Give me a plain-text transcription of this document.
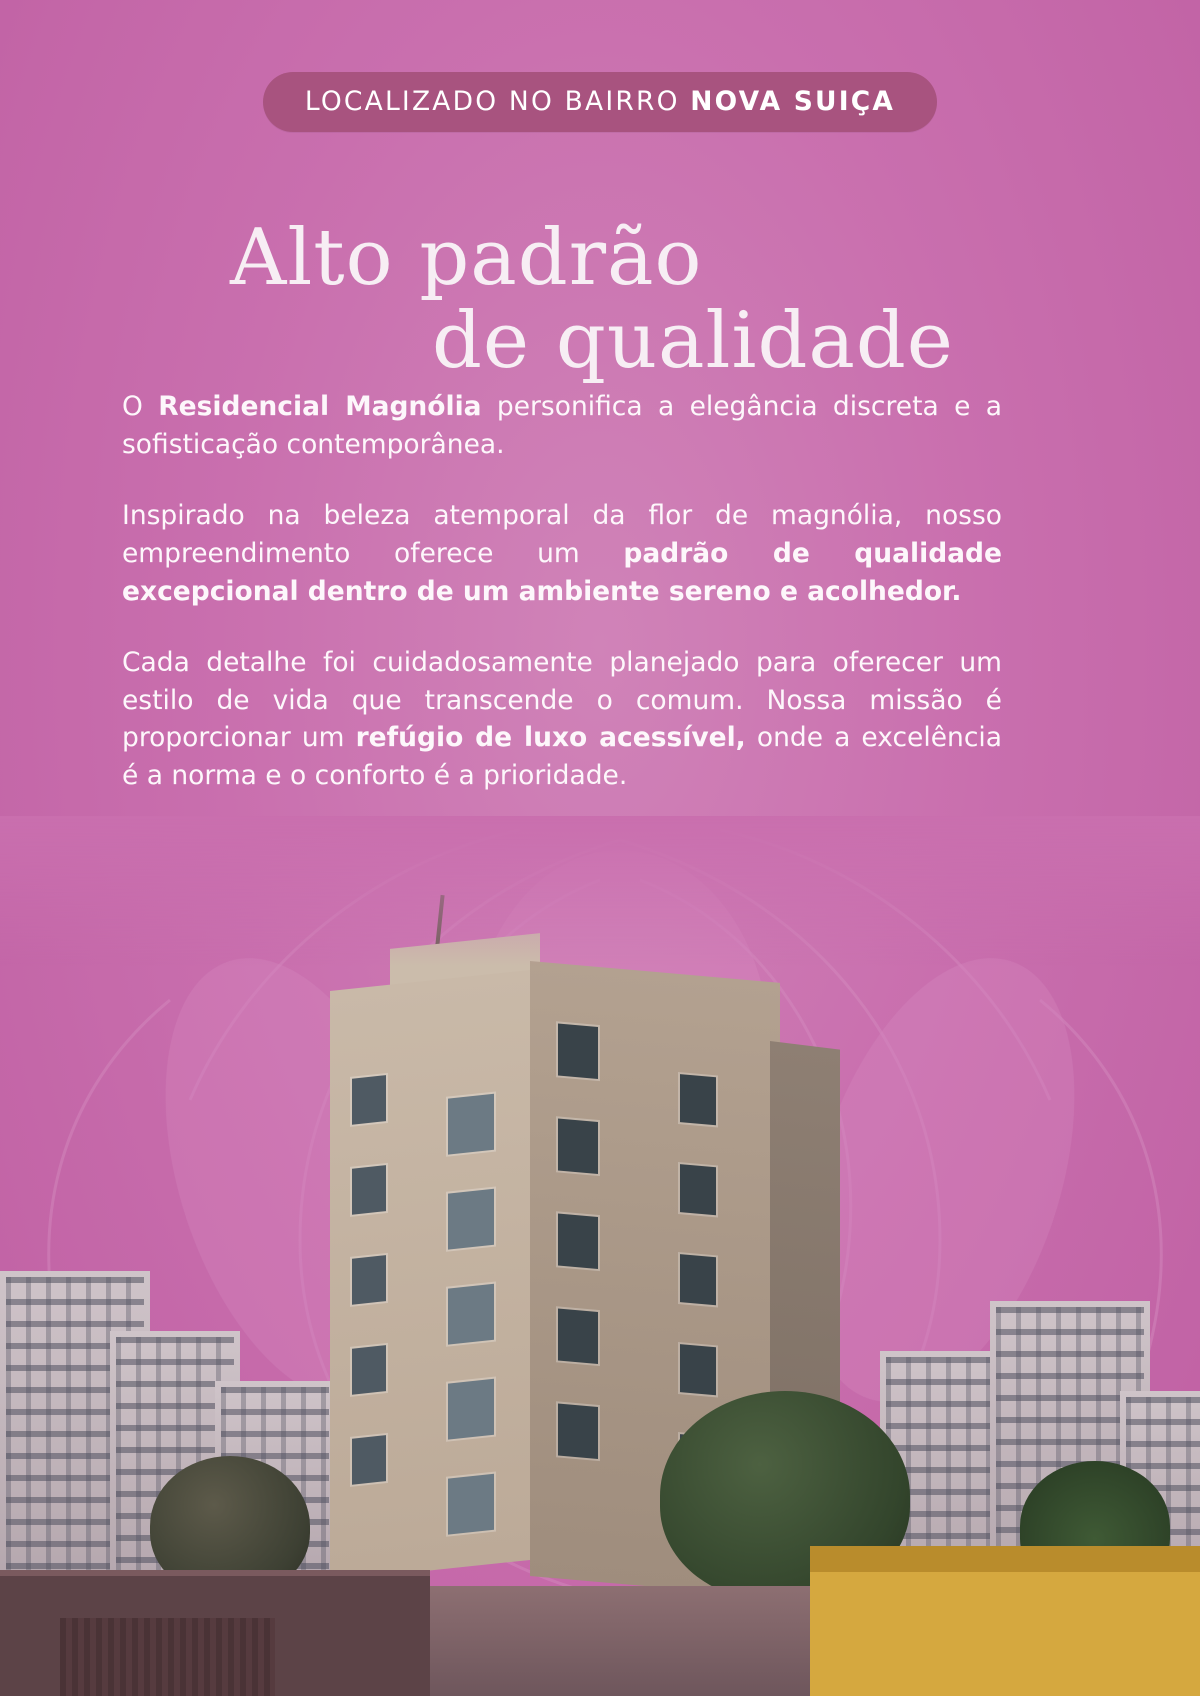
LOCALIZADO NO BAIRRO NOVA SUIÇA
Alto padrão
de qualidade

O Residencial Magnólia personifica a elegância discreta e a sofisticação contemporânea.

Inspirado na beleza atemporal da flor de magnólia, nosso empreendimento oferece um padrão de qualidade excepcional dentro de um ambiente sereno e acolhedor.

Cada detalhe foi cuidadosamente planejado para oferecer um estilo de vida que transcende o comum. Nossa missão é proporcionar um refúgio de luxo acessível, onde a excelência é a norma e o conforto é a prioridade.
